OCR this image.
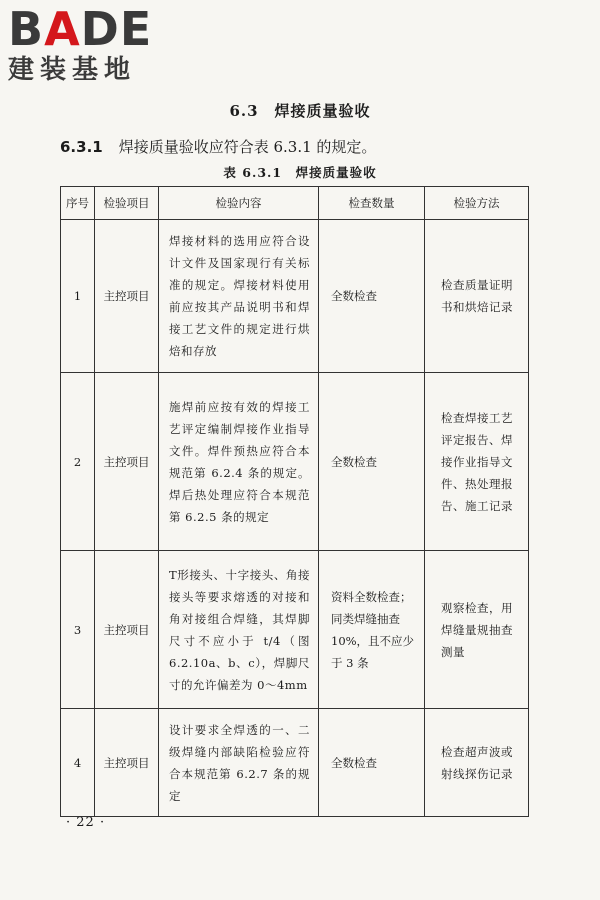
BADE
建装基地
6.3　焊接质量验收
6.3.1 焊接质量验收应符合表 6.3.1 的规定。
表 6.3.1　焊接质量验收
序号	检验项目	检验内容	检查数量	检验方法
1	主控项目	焊接材料的选用应符合设计文件及国家现行有关标准的规定。焊接材料使用前应按其产品说明书和焊接工艺文件的规定进行烘焙和存放	全数检查	检查质量证明书和烘焙记录
2	主控项目	施焊前应按有效的焊接工艺评定编制焊接作业指导文件。焊件预热应符合本规范第 6.2.4 条的规定。焊后热处理应符合本规范第 6.2.5 条的规定	全数检查	检查焊接工艺评定报告、焊接作业指导文件、热处理报告、施工记录
3	主控项目	T形接头、十字接头、角接接头等要求熔透的对接和角对接组合焊缝，其焊脚尺寸不应小于 t/4（图 6.2.10a、b、c），焊脚尺寸的允许偏差为 0～4mm	资料全数检查；同类焊缝抽查 10%，且不应少于 3 条	观察检查，用焊缝量规抽查测量
4	主控项目	设计要求全焊透的一、二级焊缝内部缺陷检验应符合本规范第 6.2.7 条的规定	全数检查	检查超声波或射线探伤记录
· 22 ·
